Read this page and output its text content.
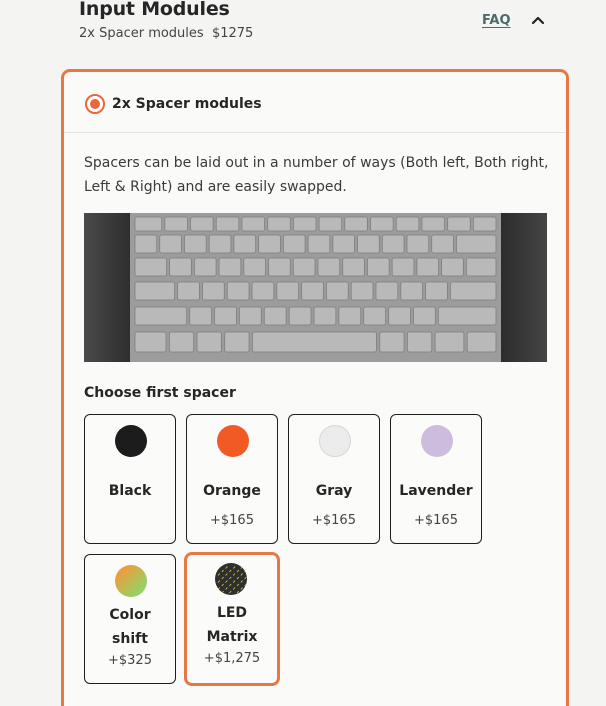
Input Modules
2x Spacer modules  $1275
FAQ
2x Spacer modules
Spacers can be laid out in a number of ways (Both left, Both right, Left & Right) and are easily swapped.
Choose first spacer
Black	Orange
+$165
Gray
+$165
Lavender
+$165
Color
shift
+$325
LED
Matrix
+$1,275
